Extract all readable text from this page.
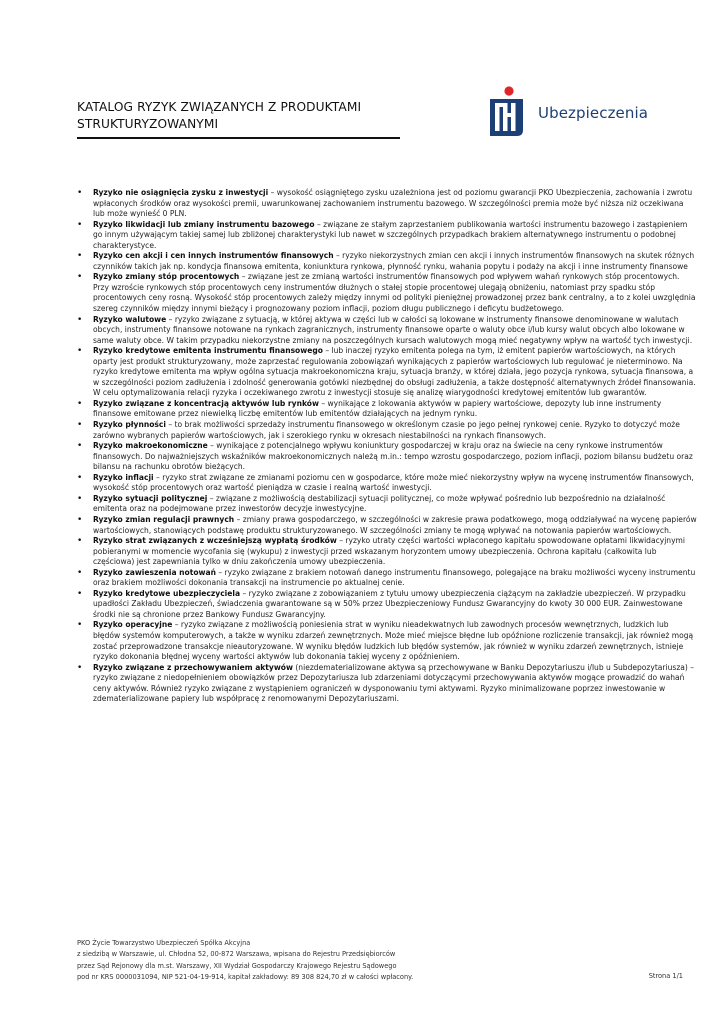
KATALOG RYZYK ZWIĄZANYCH Z PRODUKTAMI
STRUKTURYZOWANYMI
Ubezpieczenia
• Ryzyko nie osiągnięcia zysku z inwestycji – wysokość osiągniętego zysku uzależniona jest od poziomu gwarancji PKO Ubezpieczenia, zachowania i zwrotu wpłaconych środków oraz wysokości premii, uwarunkowanej zachowaniem instrumentu bazowego. W szczególności premia może być niższa niż oczekiwana lub może wynieść 0 PLN.
• Ryzyko likwidacji lub zmiany instrumentu bazowego – związane ze stałym zaprzestaniem publikowania wartości instrumentu bazowego i zastąpieniem go innym używającym takiej samej lub zbliżonej charakterystyki lub nawet w szczególnych przypadkach brakiem alternatywnego instrumentu o podobnej charakterystyce.
• Ryzyko cen akcji i cen innych instrumentów finansowych – ryzyko niekorzystnych zmian cen akcji i innych instrumentów finansowych na skutek różnych czynników takich jak np. kondycja finansowa emitenta, koniunktura rynkowa, płynność rynku, wahania popytu i podaży na akcji i inne instrumenty finansowe
• Ryzyko zmiany stóp procentowych – związane jest ze zmianą wartości instrumentów finansowych pod wpływem wahań rynkowych stóp procentowych. Przy wzroście rynkowych stóp procentowych ceny instrumentów dłużnych o stałej stopie procentowej ulegają obniżeniu, natomiast przy spadku stóp procentowych ceny rosną. Wysokość stóp procentowych zależy między innymi od polityki pieniężnej prowadzonej przez bank centralny, a to z kolei uwzględnia szereg czynników między innymi bieżący i prognozowany poziom inflacji, poziom długu publicznego i deficytu budżetowego.
• Ryzyko walutowe – ryzyko związane z sytuacją, w której aktywa w części lub w całości są lokowane w instrumenty finansowe denominowane w walutach obcych, instrumenty finansowe notowane na rynkach zagranicznych, instrumenty finansowe oparte o waluty obce i/lub kursy walut obcych albo lokowane w same waluty obce. W takim przypadku niekorzystne zmiany na poszczególnych kursach walutowych mogą mieć negatywny wpływ na wartość tych inwestycji.
• Ryzyko kredytowe emitenta instrumentu finansowego – lub inaczej ryzyko emitenta polega na tym, iż emitent papierów wartościowych, na których oparty jest produkt strukturyzowany, może zaprzestać regulowania zobowiązań wynikających z papierów wartościowych lub regulować je nieterminowo. Na ryzyko kredytowe emitenta ma wpływ ogólna sytuacja makroekonomiczna kraju, sytuacja branży, w której działa, jego pozycja rynkowa, sytuacja finansowa, a w szczególności poziom zadłużenia i zdolność generowania gotówki niezbędnej do obsługi zadłużenia, a także dostępność alternatywnych źródeł finansowania. W celu optymalizowania relacji ryzyka i oczekiwanego zwrotu z inwestycji stosuje się analizę wiarygodności kredytowej emitentów lub gwarantów.
• Ryzyko związane z koncentracją aktywów lub rynków – wynikające z lokowania aktywów w papiery wartościowe, depozyty lub inne instrumenty finansowe emitowane przez niewielką liczbę emitentów lub emitentów działających na jednym rynku.
• Ryzyko płynności – to brak możliwości sprzedaży instrumentu finansowego w określonym czasie po jego pełnej rynkowej cenie. Ryzyko to dotyczyć może zarówno wybranych papierów wartościowych, jak i szerokiego rynku w okresach niestabilności na rynkach finansowych.
• Ryzyko makroekonomiczne – wynikające z potencjalnego wpływu koniunktury gospodarczej w kraju oraz na świecie na ceny rynkowe instrumentów finansowych. Do najważniejszych wskaźników makroekonomicznych należą m.in.: tempo wzrostu gospodarczego, poziom inflacji, poziom bilansu budżetu oraz bilansu na rachunku obrotów bieżących.
• Ryzyko inflacji – ryzyko strat związane ze zmianami poziomu cen w gospodarce, które może mieć niekorzystny wpływ na wycenę instrumentów finansowych, wysokość stóp procentowych oraz wartość pieniądza w czasie i realną wartość inwestycji.
• Ryzyko sytuacji politycznej – związane z możliwością destabilizacji sytuacji politycznej, co może wpływać pośrednio lub bezpośrednio na działalność emitenta oraz na podejmowane przez inwestorów decyzje inwestycyjne.
• Ryzyko zmian regulacji prawnych – zmiany prawa gospodarczego, w szczególności w zakresie prawa podatkowego, mogą oddziaływać na wycenę papierów wartościowych, stanowiących podstawę produktu strukturyzowanego. W szczególności zmiany te mogą wpływać na notowania papierów wartościowych.
• Ryzyko strat związanych z wcześniejszą wypłatą środków – ryzyko utraty części wartości wpłaconego kapitału spowodowane opłatami likwidacyjnymi pobieranymi w momencie wycofania się (wykupu) z inwestycji przed wskazanym horyzontem umowy ubezpieczenia. Ochrona kapitału (całkowita lub częściowa) jest zapewniania tylko w dniu zakończenia umowy ubezpieczenia.
• Ryzyko zawieszenia notowań – ryzyko związane z brakiem notowań danego instrumentu finansowego, polegające na braku możliwości wyceny instrumentu oraz brakiem możliwości dokonania transakcji na instrumencie po aktualnej cenie.
• Ryzyko kredytowe ubezpieczyciela – ryzyko związane z zobowiązaniem z tytułu umowy ubezpieczenia ciążącym na zakładzie ubezpieczeń. W przypadku upadłości Zakładu Ubezpieczeń, świadczenia gwarantowane są w 50% przez Ubezpieczeniowy Fundusz Gwarancyjny do kwoty 30 000 EUR. Zainwestowane środki nie są chronione przez Bankowy Fundusz Gwarancyjny.
• Ryzyko operacyjne – ryzyko związane z możliwością poniesienia strat w wyniku nieadekwatnych lub zawodnych procesów wewnętrznych, ludzkich lub błędów systemów komputerowych, a także w wyniku zdarzeń zewnętrznych. Może mieć miejsce błędne lub opóźnione rozliczenie transakcji, jak również mogą zostać przeprowadzone transakcje nieautoryzowane. W wyniku błędów ludzkich lub błędów systemów, jak również w wyniku zdarzeń zewnętrznych, istnieje ryzyko dokonania błędnej wyceny wartości aktywów lub dokonania takiej wyceny z opóźnieniem.
• Ryzyko związane z przechowywaniem aktywów (niezdematerializowane aktywa są przechowywane w Banku Depozytariuszu i/lub u Subdepozytariusza) – ryzyko związane z niedopełnieniem obowiązków przez Depozytariusza lub zdarzeniami dotyczącymi przechowywania aktywów mogące prowadzić do wahań ceny aktywów. Również ryzyko związane z wystąpieniem ograniczeń w dysponowaniu tymi aktywami. Ryzyko minimalizowane poprzez inwestowanie w zdematerializowane papiery lub współpracę z renomowanymi Depozytariuszami.
PKO Życie Towarzystwo Ubezpieczeń Spółka Akcyjna
z siedzibą w Warszawie, ul. Chłodna 52, 00-872 Warszawa, wpisana do Rejestru Przedsiębiorców
przez Sąd Rejonowy dla m.st. Warszawy, XII Wydział Gospodarczy Krajowego Rejestru Sądowego
pod nr KRS 0000031094, NIP 521-04-19-914, kapitał zakładowy: 89 308 824,70 zł w całości wpłacony.	Strona 1/1
